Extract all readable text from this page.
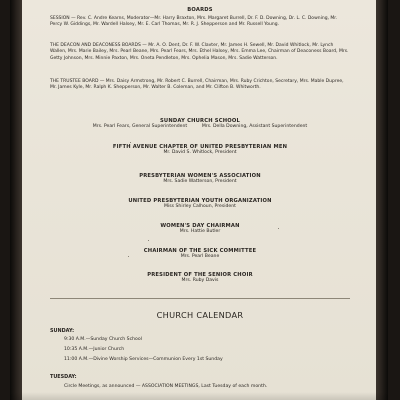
BOARDS

SESSION — Rev. C. Andre Kearns, Moderator—Mr. Harry Braxton, Mrs. Margaret Burrell, Dr. F. D. Downing, Dr. L. C. Downing, Mr. Percy W. Giddings, Mr. Wardell Halsey, Mr. E. Carl Thomas, Mr. R. J. Shepperson and Mr. Russell Young.

THE DEACON AND DEACONESS BOARDS — Mr. A. O. Dent, Dr. F. W. Clavter, Mr. James H. Sewell, Mr. David Whitlock, Mr. Lynch Wallen, Mrs. Marie Bailey, Mrs. Pearl Beane, Mrs. Pearl Fears, Mrs. Ethel Halsey, Mrs. Emma Lee, Chairman of Deaconess Board, Mrs. Getty Johnson, Mrs. Minnie Paxton, Mrs. Oneta Pendleton, Mrs. Ophelia Mason, Mrs. Sadie Watterson.

THE TRUSTEE BOARD — Mrs. Daisy Armstrong, Mr. Robert C. Burrell, Chairman, Mrs. Ruby Crichton, Secretary, Mrs. Mable Dupree, Mr. James Kyle, Mr. Ralph K. Shepperson, Mr. Walter B. Coleman, and Mr. Clifton B. Whitworth.

SUNDAY CHURCH SCHOOL
Mrs. Pearl Fears, General Superintendent          Mrs. Della Downing, Assistant Superintendent
FIFTH AVENUE CHAPTER OF UNITED PRESBYTERIAN MEN
Mr. David S. Whitlock, President
PRESBYTERIAN WOMEN'S ASSOCIATION
Mrs. Sadie Watterson, President
UNITED PRESBYTERIAN YOUTH ORGANIZATION
Miss Shirley Calhoun, President
WOMEN'S DAY CHAIRMAN
Mrs. Hattie Butler
CHAIRMAN OF THE SICK COMMITTEE
Mrs. Pearl Beane
PRESIDENT OF THE SENIOR CHOIR
Mrs. Ruby Davis
CHURCH CALENDAR
SUNDAY:
9:30 A.M.—Sunday Church School
10:35 A.M.—Junior Church
11:00 A.M.—Divine Worship Services—Communion Every 1st Sunday
TUESDAY:
Circle Meetings, as announced — ASSOCIATION MEETINGS, Last Tuesday of each month.
